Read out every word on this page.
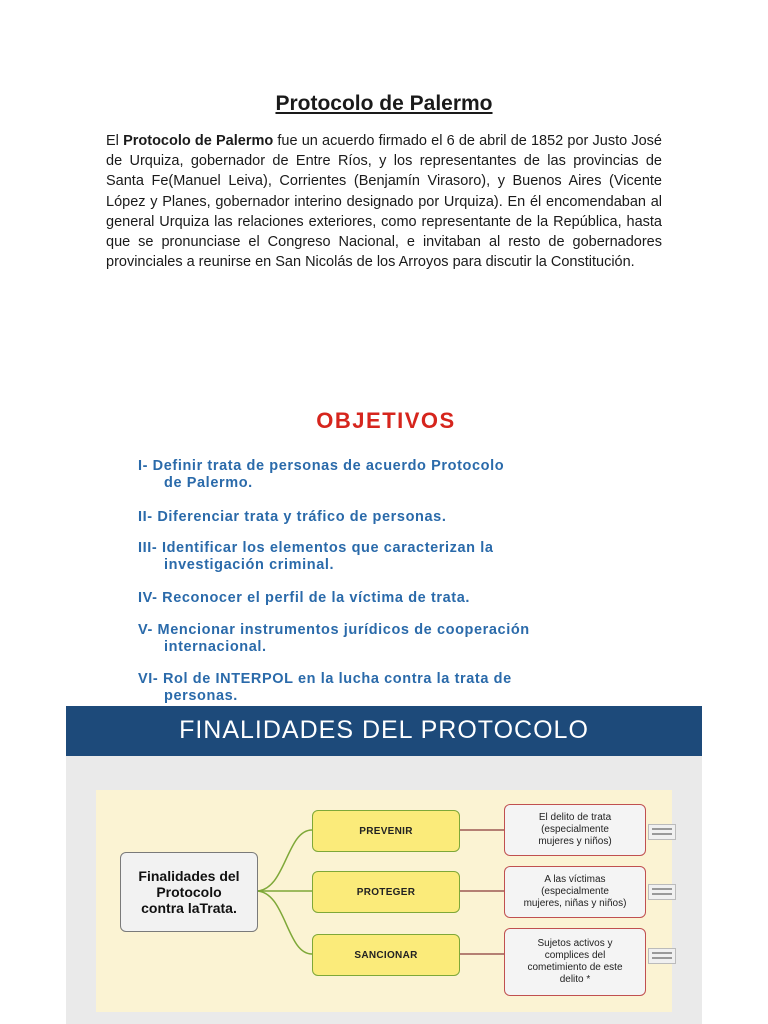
Protocolo de Palermo
El Protocolo de Palermo fue un acuerdo firmado el 6 de abril de 1852 por Justo José de Urquiza, gobernador de Entre Ríos, y los representantes de las provincias de Santa Fe(Manuel Leiva), Corrientes (Benjamín Virasoro), y Buenos Aires (Vicente López y Planes, gobernador interino designado por Urquiza). En él encomendaban al general Urquiza las relaciones exteriores, como representante de la República, hasta que se pronunciase el Congreso Nacional, e invitaban al resto de gobernadores provinciales a reunirse en San Nicolás de los Arroyos para discutir la Constitución.
OBJETIVOS
I- Definir trata de personas de acuerdo Protocolo
de Palermo.
II- Diferenciar trata y tráfico de personas.
III- Identificar los elementos que caracterizan la
investigación criminal.
IV- Reconocer el perfil de la víctima de trata.
V- Mencionar instrumentos jurídicos de cooperación
internacional.
VI- Rol de INTERPOL en la lucha contra la trata de
personas.
FINALIDADES DEL PROTOCOLO
Finalidades del
Protocolo
contra laTrata.
PREVENIR
PROTEGER
SANCIONAR
El delito de trata
(especialmente
mujeres y niños)
A las víctimas
(especialmente
mujeres, niñas y niños)
Sujetos activos y
complices del
cometimiento de este
delito *
